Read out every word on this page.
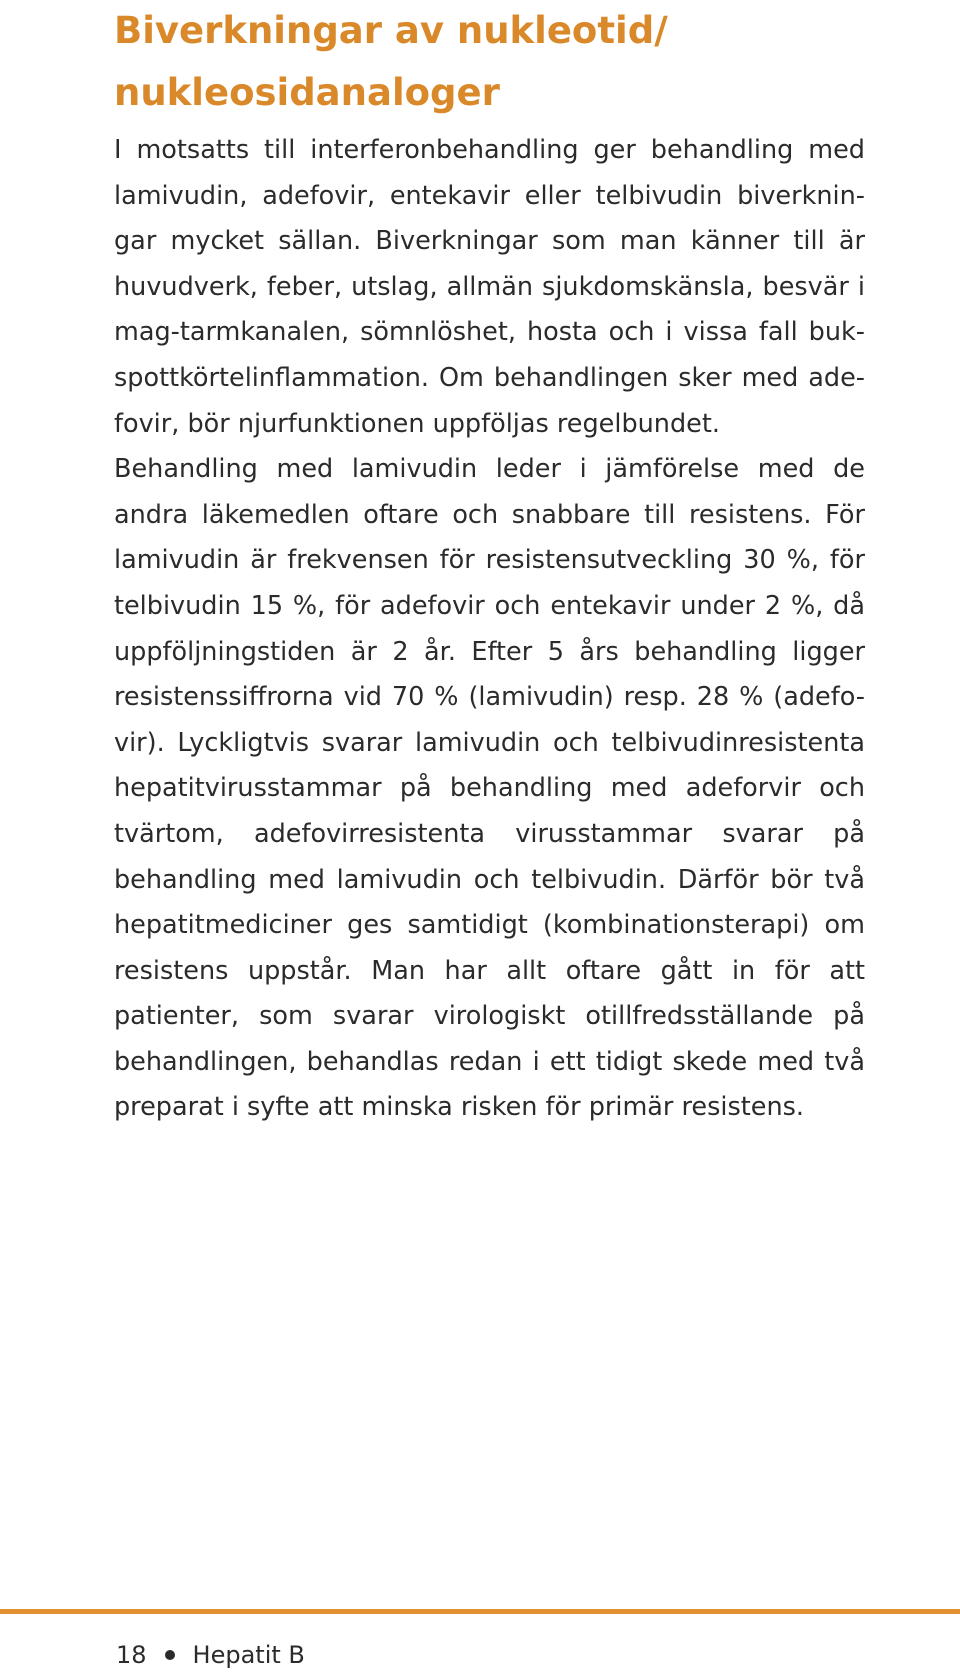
Biverkningar av nukleotid/
nukleosidanaloger
I motsatts till interferonbehandling ger behandling med
lamivudin, adefovir, entekavir eller telbivudin biverknin-
gar mycket sällan. Biverkningar som man känner till är
huvudverk, feber, utslag, allmän sjukdomskänsla, besvär i
mag-tarmkanalen, sömnlöshet, hosta och i vissa fall buk-
spottkörtelinflammation. Om behandlingen sker med ade-
fovir, bör njurfunktionen uppföljas regelbundet.
Behandling med lamivudin leder i jämförelse med de
andra läkemedlen oftare och snabbare till resistens. För
lamivudin är frekvensen för resistensutveckling 30 %, för
telbivudin 15 %, för adefovir och entekavir under 2 %, då
uppföljningstiden är 2 år. Efter 5 års behandling ligger
resistenssiffrorna vid 70 % (lamivudin) resp. 28 % (adefo-
vir). Lyckligtvis svarar lamivudin och telbivudinresistenta
hepatitvirusstammar på behandling med adeforvir och
tvärtom, adefovirresistenta virusstammar svarar på
behandling med lamivudin och telbivudin. Därför bör två
hepatitmediciner ges samtidigt (kombinationsterapi) om
resistens uppstår. Man har allt oftare gått in för att
patienter, som svarar virologiskt otillfredsställande på
behandlingen, behandlas redan i ett tidigt skede med två
preparat i syfte att minska risken för primär resistens.
18 Hepatit B
